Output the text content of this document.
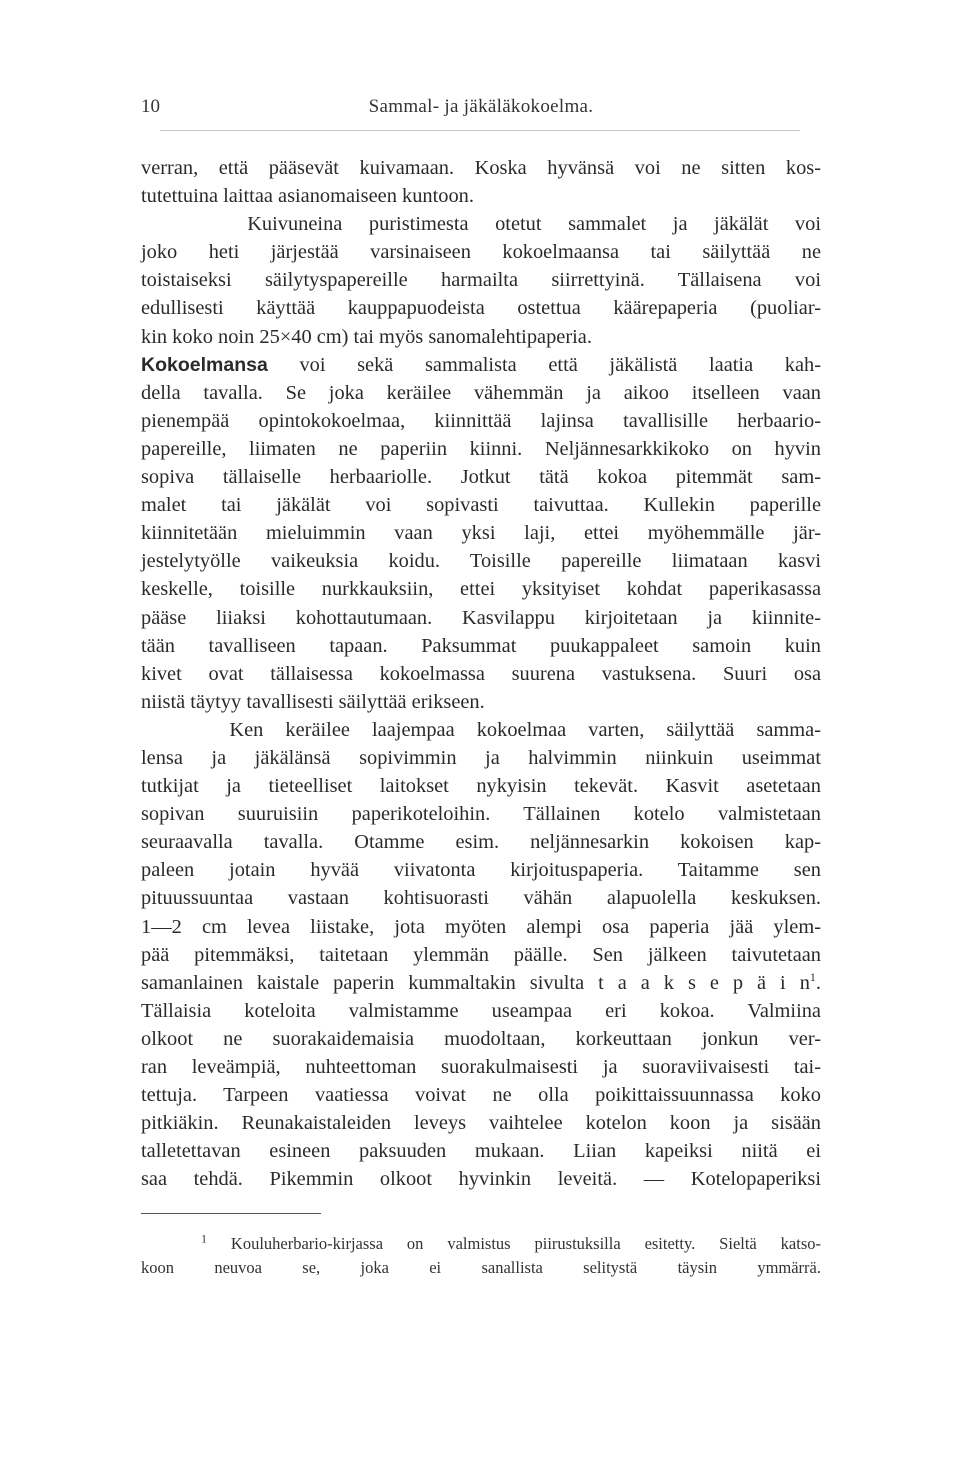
10	Sammal- ja jäkäläkokoelma.
verran, että pääsevät kuivamaan. Koska hyvänsä voi ne sitten kos-
tutettuina laittaa asianomaiseen kuntoon.
Kuivuneina puristimesta otetut sammalet ja jäkälät voi
joko heti järjestää varsinaiseen kokoelmaansa tai säilyttää ne
toistaiseksi säilytyspapereille harmailta siirrettyinä. Tällaisena voi
edullisesti käyttää kauppapuodeista ostettua käärepaperia (puoliar-
kin koko noin 25×40 cm) tai myös sanomalehtipaperia.
Kokoelmansa voi sekä sammalista että jäkälistä laatia kah-
della tavalla. Se joka keräilee vähemmän ja aikoo itselleen vaan
pienempää opintokokoelmaa, kiinnittää lajinsa tavallisille herbaario-
papereille, liimaten ne paperiin kiinni. Neljännesarkkikoko on hyvin
sopiva tällaiselle herbaariolle. Jotkut tätä kokoa pitemmät sam-
malet tai jäkälät voi sopivasti taivuttaa. Kullekin paperille
kiinnitetään mieluimmin vaan yksi laji, ettei myöhemmälle jär-
jestelytyölle vaikeuksia koidu. Toisille papereille liimataan kasvi
keskelle, toisille nurkkauksiin, ettei yksityiset kohdat paperikasassa
pääse liiaksi kohottautumaan. Kasvilappu kirjoitetaan ja kiinnite-
tään tavalliseen tapaan. Paksummat puukappaleet samoin kuin
kivet ovat tällaisessa kokoelmassa suurena vastuksena. Suuri osa
niistä täytyy tavallisesti säilyttää erikseen.
Ken keräilee laajempaa kokoelmaa varten, säilyttää samma-
lensa ja jäkälänsä sopivimmin ja halvimmin niinkuin useimmat
tutkijat ja tieteelliset laitokset nykyisin tekevät. Kasvit asetetaan
sopivan suuruisiin paperikoteloihin. Tällainen kotelo valmistetaan
seuraavalla tavalla. Otamme esim. neljännesarkin kokoisen kap-
paleen jotain hyvää viivatonta kirjoituspaperia. Taitamme sen
pituussuuntaa vastaan kohtisuorasti vähän alapuolella keskuksen.
1—2 cm levea liistake, jota myöten alempi osa paperia jää ylem-
pää pitemmäksi, taitetaan ylemmän päälle. Sen jälkeen taivutetaan
samanlainen kaistale paperin kummaltakin sivulta t a a k s e p ä i n$^1$.
Tällaisia koteloita valmistamme useampaa eri kokoa. Valmiina
olkoot ne suorakaidemaisia muodoltaan, korkeuttaan jonkun ver-
ran leveämpiä, nuhteettoman suorakulmaisesti ja suoraviivaisesti tai-
tettuja. Tarpeen vaatiessa voivat ne olla poikittaissuunnassa koko
pitkiäkin. Reunakaistaleiden leveys vaihtelee kotelon koon ja sisään
talletettavan esineen paksuuden mukaan. Liian kapeiksi niitä ei
saa tehdä. Pikemmin olkoot hyvinkin leveitä. — Kotelopaperiksi
$^1$ Kouluherbario-kirjassa on valmistus piirustuksilla esitetty. Sieltä katso-
koon neuvoa se, joka ei sanallista selitystä täysin ymmärrä.
